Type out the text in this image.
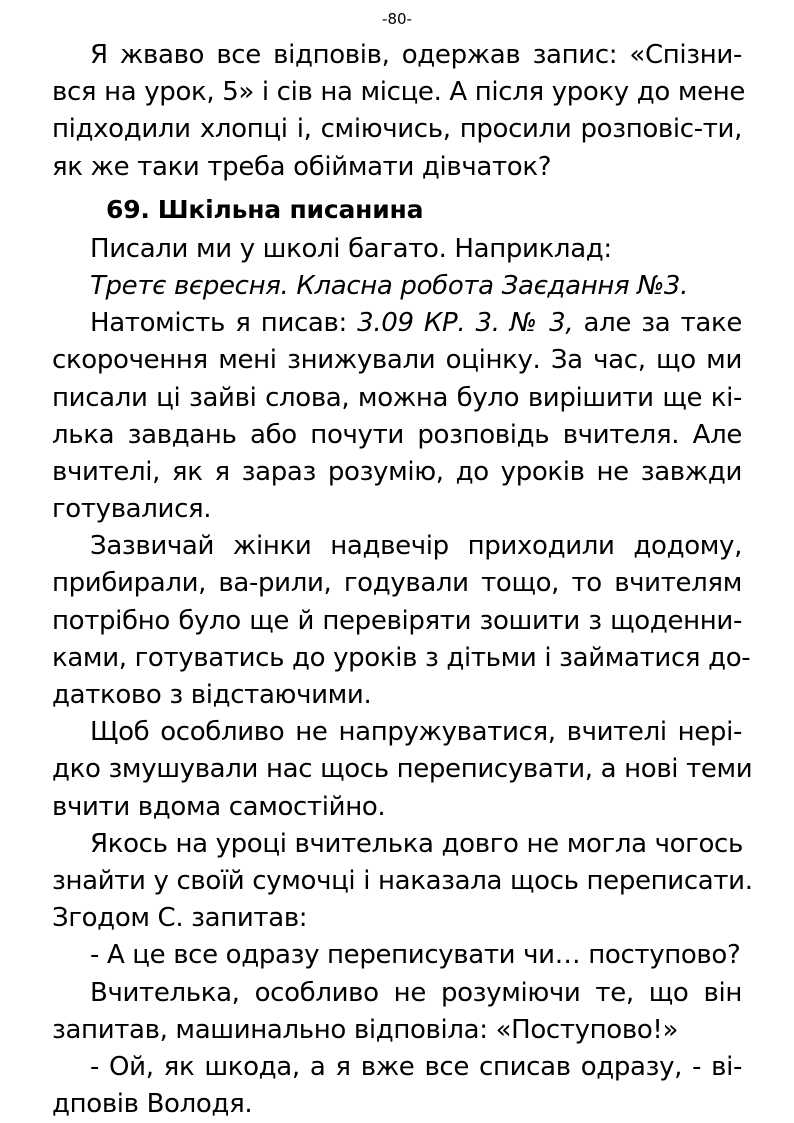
-80-
Я жваво все відповів, одержав запис: «Спізни-
вся на урок, 5» і сів на місце. А після уроку до мене
підходили хлопці і, сміючись, просили розповіс-ти,
як же таки треба обіймати дівчаток?
69. Шкільна писанина
Писали ми у школі багато. Наприклад:
Третє вєресня. Класна робота Заєдання №3.
Натомість я писав: 3.09 КР. 3. № 3, але за таке
скорочення мені знижували оцінку. За час, що ми
писали ці зайві слова, можна було вирішити ще кі-
лька завдань або почути розповідь вчителя. Але
вчителі, як я зараз розумію, до уроків не завжди
готувалися.
Зазвичай жінки надвечір приходили додому,
прибирали, ва-рили, годували тощо, то вчителям
потрібно було ще й перевіряти зошити з щоденни-
ками, готуватись до уроків з дітьми і займатися до-
датково з відстаючими.
Щоб особливо не напружуватися, вчителі нері-
дко змушували нас щось переписувати, а нові теми
вчити вдома самостійно.
Якось на уроці вчителька довго не могла чогось
знайти у своїй сумочці і наказала щось переписати.
Згодом С. запитав:
- А це все одразу переписувати чи… поступово?
Вчителька, особливо не розуміючи те, що він
запитав, машинально відповіла: «Поступово!»
- Ой, як шкода, а я вже все списав одразу, - ві-
дповів Володя.
